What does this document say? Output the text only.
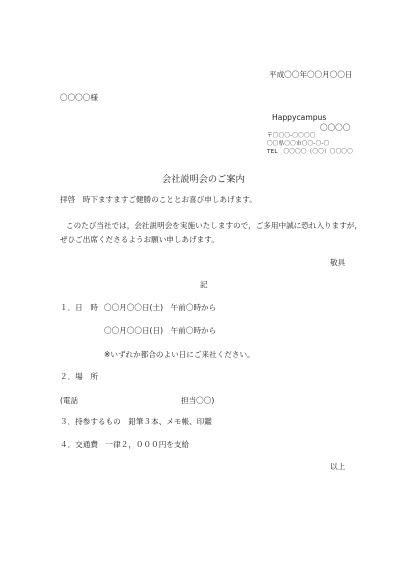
平成〇〇年〇〇月〇〇日
〇〇〇〇様
Happycampus
〇〇〇〇
〒〇〇〇-〇〇〇〇
〇〇県〇〇市〇〇-〇-〇
TEL　〇〇〇〇（〇〇）〇〇〇〇
会社説明会のご案内
拝啓　時下ますますご健勝のこととお喜び申しあげます。
このたび当社では，会社説明会を実施いたしますので，ご多用中誠に恐れ入りますが，
ぜひご出席くださるようお願い申しあげます。
敬具
記
１．日　時 〇〇月〇〇日(土)　午前〇時から
〇〇月〇〇日(日)　午前〇時から
※いずれか都合のよい日にご来社ください。
２．場　所
(電話	担当〇〇)
３．持参するもの　鉛筆３本、メモ帳、印鑑
４．交通費　一律２，０００円を支給
以上
